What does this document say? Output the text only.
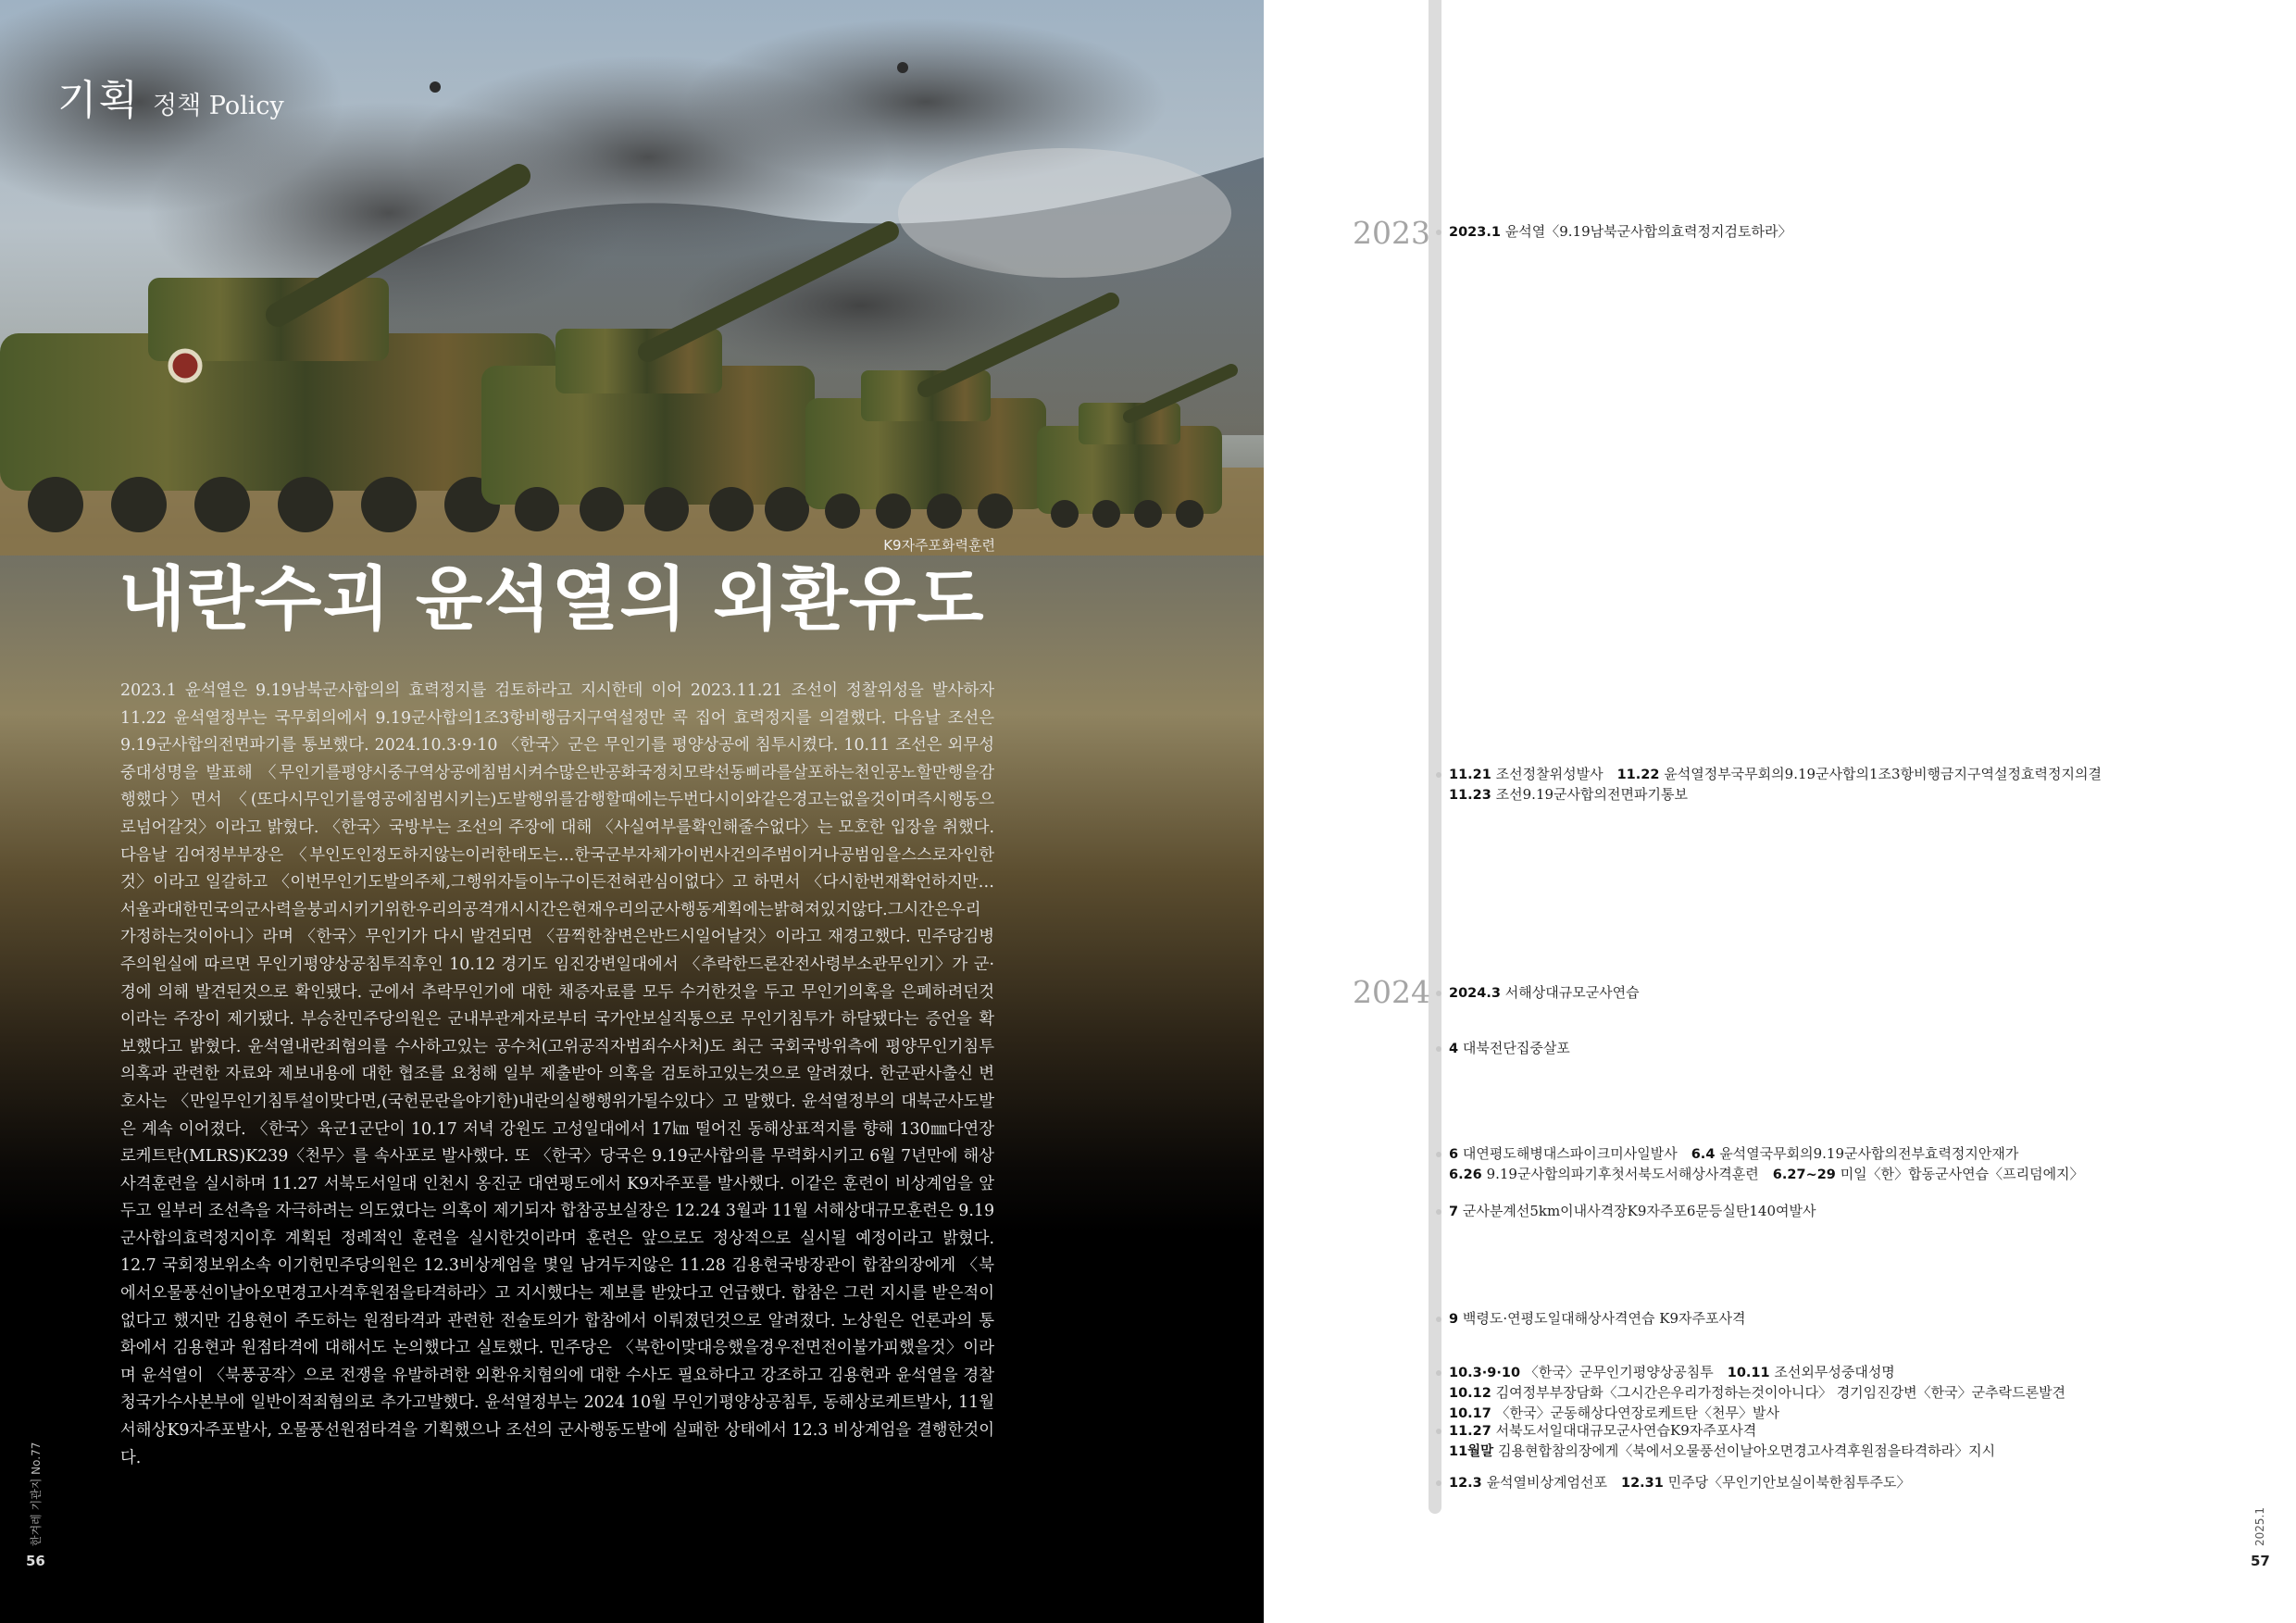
기획 정책 Policy
K9자주포화력훈련
내란수괴 윤석열의 외환유도

2023.1 윤석열은 9.19남북군사합의의 효력정지를 검토하라고 지시한데 이어 2023.11.21 조선이 정찰위성을 발사하자 11.22 윤석열정부는 국무회의에서 9.19군사합의1조3항비행금지구역설정만 콕 집어 효력정지를 의결했다. 다음날 조선은 9.19군사합의전면파기를 통보했다. 2024.10.3·9·10 〈한국〉군은 무인기를 평양상공에 침투시켰다. 10.11 조선은 외무성중대성명을 발표해 〈무인기를평양시중구역상공에침범시켜수많은반공화국정치모략선동삐라를살포하는천인공노할만행을감행했다〉면서 〈(또다시무인기를영공에침범시키는)도발행위를감행할때에는두번다시이와같은경고는없을것이며즉시행동으로넘어갈것〉이라고 밝혔다. 〈한국〉국방부는 조선의 주장에 대해 〈사실여부를확인해줄수없다〉는 모호한 입장을 취했다. 다음날 김여정부부장은 〈부인도인정도하지않는이러한태도는…한국군부자체가이번사건의주범이거나공범임을스스로자인한것〉이라고 일갈하고 〈이번무인기도발의주체,그행위자들이누구이든전혀관심이없다〉고 하면서 〈다시한번재확언하지만…서울과대한민국의군사력을붕괴시키기위한우리의공격개시시간은현재우리의군사행동계획에는밝혀져있지않다.그시간은우리가정하는것이아니〉라며 〈한국〉무인기가 다시 발견되면 〈끔찍한참변은반드시일어날것〉이라고 재경고했다. 민주당김병주의원실에 따르면 무인기평양상공침투직후인 10.12 경기도 임진강변일대에서 〈추락한드론잔전사령부소관무인기〉가 군·경에 의해 발견된것으로 확인됐다. 군에서 추락무인기에 대한 채증자료를 모두 수거한것을 두고 무인기의혹을 은폐하려던것이라는 주장이 제기됐다. 부승찬민주당의원은 군내부관계자로부터 국가안보실직통으로 무인기침투가 하달됐다는 증언을 확보했다고 밝혔다. 윤석열내란죄혐의를 수사하고있는 공수처(고위공직자범죄수사처)도 최근 국회국방위측에 평양무인기침투의혹과 관련한 자료와 제보내용에 대한 협조를 요청해 일부 제출받아 의혹을 검토하고있는것으로 알려졌다. 한군판사출신 변호사는 〈만일무인기침투설이맞다면,(국헌문란을야기한)내란의실행행위가될수있다〉고 말했다. 윤석열정부의 대북군사도발은 계속 이어졌다. 〈한국〉육군1군단이 10.17 저녁 강원도 고성일대에서 17㎞ 떨어진 동해상표적지를 향해 130㎜다연장로케트탄(MLRS)K239〈천무〉를 속사포로 발사했다. 또 〈한국〉당국은 9.19군사합의를 무력화시키고 6월 7년만에 해상사격훈련을 실시하며 11.27 서북도서일대 인천시 옹진군 대연평도에서 K9자주포를 발사했다. 이같은 훈련이 비상계엄을 앞두고 일부러 조선측을 자극하려는 의도였다는 의혹이 제기되자 합참공보실장은 12.24 3월과 11월 서해상대규모훈련은 9.19군사합의효력정지이후 계획된 정례적인 훈련을 실시한것이라며 훈련은 앞으로도 정상적으로 실시될 예정이라고 밝혔다. 12.7 국회정보위소속 이기헌민주당의원은 12.3비상계엄을 몇일 남겨두지않은 11.28 김용현국방장관이 합참의장에게 〈북에서오물풍선이날아오면경고사격후원점을타격하라〉고 지시했다는 제보를 받았다고 언급했다. 합참은 그런 지시를 받은적이 없다고 했지만 김용현이 주도하는 원점타격과 관련한 전술토의가 합참에서 이뤄졌던것으로 알려졌다. 노상원은 언론과의 통화에서 김용현과 원점타격에 대해서도 논의했다고 실토했다. 민주당은 〈북한이맞대응했을경우전면전이불가피했을것〉이라며 윤석열이 〈북풍공작〉으로 전쟁을 유발하려한 외환유치혐의에 대한 수사도 필요하다고 강조하고 김용현과 윤석열을 경찰청국가수사본부에 일반이적죄혐의로 추가고발했다. 윤석열정부는 2024 10월 무인기평양상공침투, 동해상로케트발사, 11월 서해상K9자주포발사, 오물풍선원점타격을 기획했으나 조선의 군사행동도발에 실패한 상태에서 12.3 비상계엄을 결행한것이다.

한겨레 기관지 No.77
56
2023
2024
2023.1 윤석열〈9.19남북군사합의효력정지검토하라〉
11.21 조선정찰위성발사  11.22 윤석열정부국무회의9.19군사합의1조3항비행금지구역설정효력정지의결
11.23 조선9.19군사합의전면파기통보
2024.3 서해상대규모군사연습
4 대북전단집중살포
6 대연평도해병대스파이크미사일발사  6.4 윤석열국무회의9.19군사합의전부효력정지안재가
6.26 9.19군사합의파기후첫서북도서해상사격훈련  6.27~29 미일〈한〉합동군사연습〈프리덤에지〉
7 군사분계선5km이내사격장K9자주포6문등실탄140여발사
9 백령도·연평도일대해상사격연습 K9자주포사격
10.3·9·10 〈한국〉군무인기평양상공침투  10.11 조선외무성중대성명
10.12 김여정부부장담화〈그시간은우리가정하는것이아니다〉 경기임진강변〈한국〉군추락드론발견
10.17 〈한국〉군동해상다연장로케트탄〈천무〉발사
11.27 서북도서일대대규모군사연습K9자주포사격
11월말 김용현합참의장에게〈북에서오물풍선이날아오면경고사격후원점을타격하라〉지시
12.3 윤석열비상계엄선포  12.31 민주당〈무인기안보실이북한침투주도〉
2025.1
57
